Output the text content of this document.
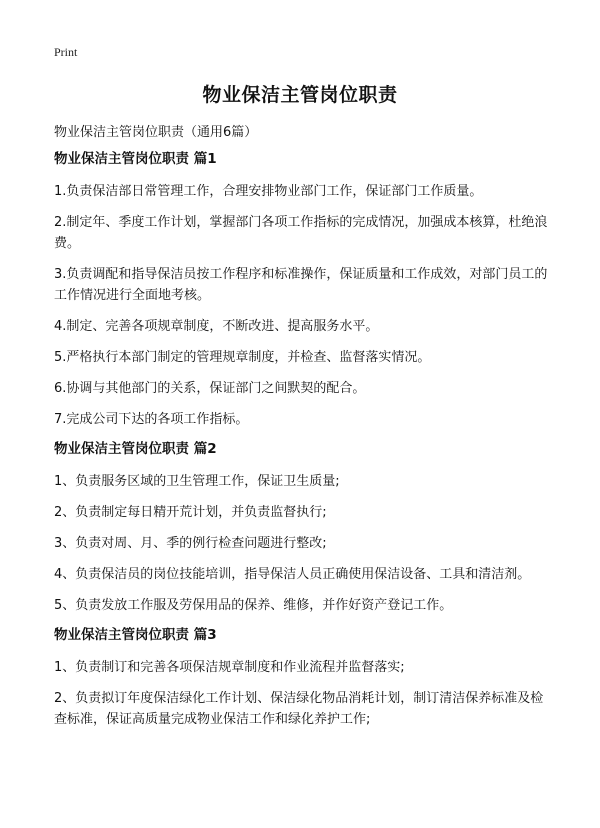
Print
物业保洁主管岗位职责

物业保洁主管岗位职责（通用6篇）

物业保洁主管岗位职责 篇1

1.负责保洁部日常管理工作，合理安排物业部门工作，保证部门工作质量。

2.制定年、季度工作计划，掌握部门各项工作指标的完成情况，加强成本核算，杜绝浪费。

3.负责调配和指导保洁员按工作程序和标准操作，保证质量和工作成效，对部门员工的工作情况进行全面地考核。

4.制定、完善各项规章制度，不断改进、提高服务水平。

5.严格执行本部门制定的管理规章制度，并检查、监督落实情况。

6.协调与其他部门的关系，保证部门之间默契的配合。

7.完成公司下达的各项工作指标。

物业保洁主管岗位职责 篇2

1、负责服务区域的卫生管理工作，保证卫生质量;

2、负责制定每日精开荒计划，并负责监督执行;

3、负责对周、月、季的例行检查问题进行整改;

4、负责保洁员的岗位技能培训，指导保洁人员正确使用保洁设备、工具和清洁剂。

5、负责发放工作服及劳保用品的保养、维修，并作好资产登记工作。

物业保洁主管岗位职责 篇3

1、负责制订和完善各项保洁规章制度和作业流程并监督落实;

2、负责拟订年度保洁绿化工作计划、保洁绿化物品消耗计划，制订清洁保养标准及检查标准，保证高质量完成物业保洁工作和绿化养护工作;
